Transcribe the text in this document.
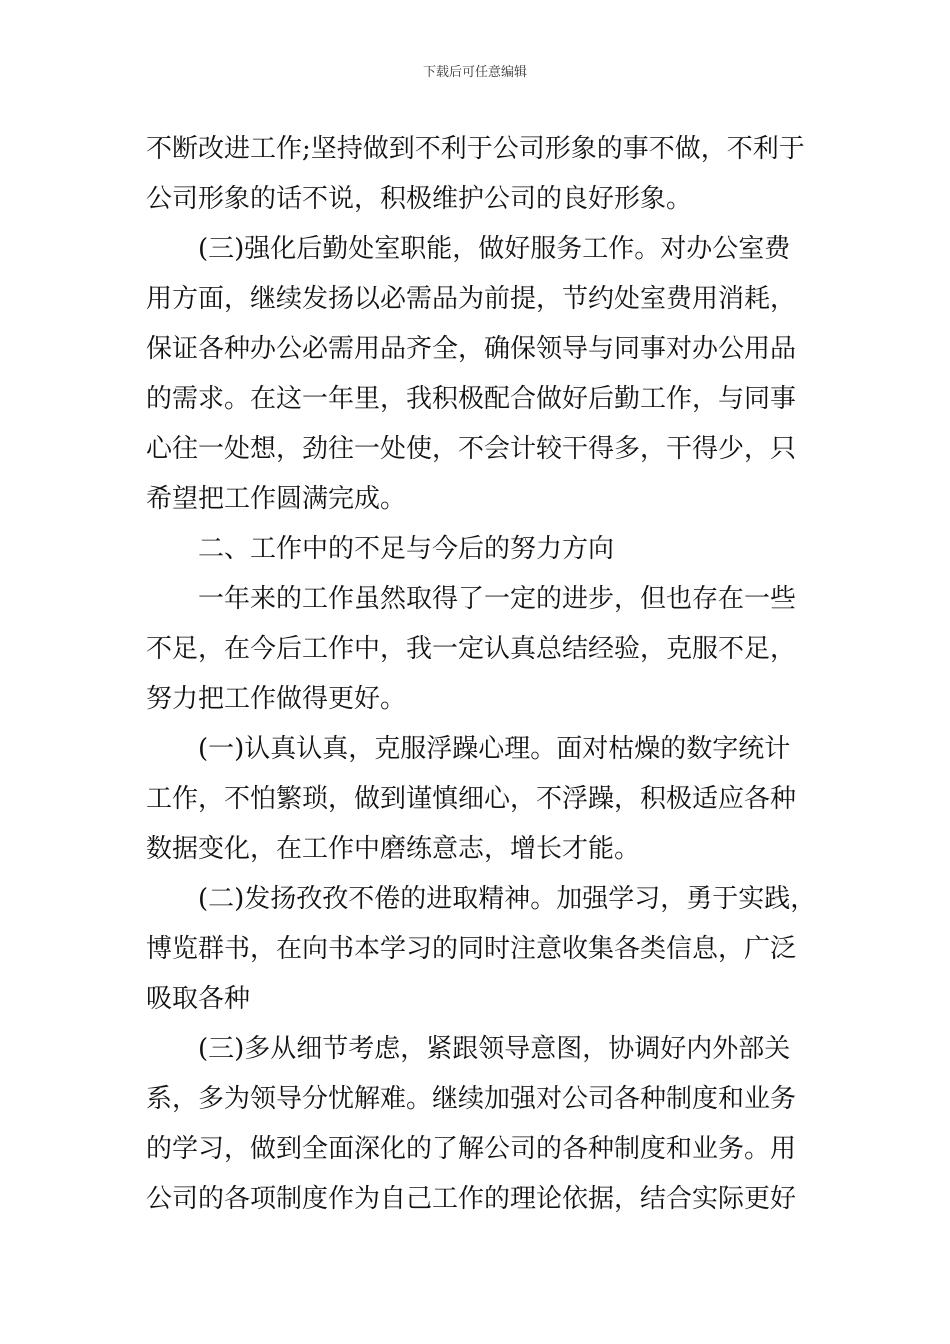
下载后可任意编辑
不断改进工作;坚持做到不利于公司形象的事不做，不利于
公司形象的话不说，积极维护公司的良好形象。
(三)强化后勤处室职能，做好服务工作。对办公室费
用方面，继续发扬以必需品为前提，节约处室费用消耗，
保证各种办公必需用品齐全，确保领导与同事对办公用品
的需求。在这一年里，我积极配合做好后勤工作，与同事
心往一处想，劲往一处使，不会计较干得多，干得少，只
希望把工作圆满完成。
二、工作中的不足与今后的努力方向
一年来的工作虽然取得了一定的进步，但也存在一些
不足，在今后工作中，我一定认真总结经验，克服不足，
努力把工作做得更好。
(一)认真认真，克服浮躁心理。面对枯燥的数字统计
工作，不怕繁琐，做到谨慎细心，不浮躁，积极适应各种
数据变化，在工作中磨练意志，增长才能。
(二)发扬孜孜不倦的进取精神。加强学习，勇于实践，
博览群书，在向书本学习的同时注意收集各类信息，广泛
吸取各种
(三)多从细节考虑，紧跟领导意图，协调好内外部关
系，多为领导分忧解难。继续加强对公司各种制度和业务
的学习，做到全面深化的了解公司的各种制度和业务。用
公司的各项制度作为自己工作的理论依据，结合实际更好
